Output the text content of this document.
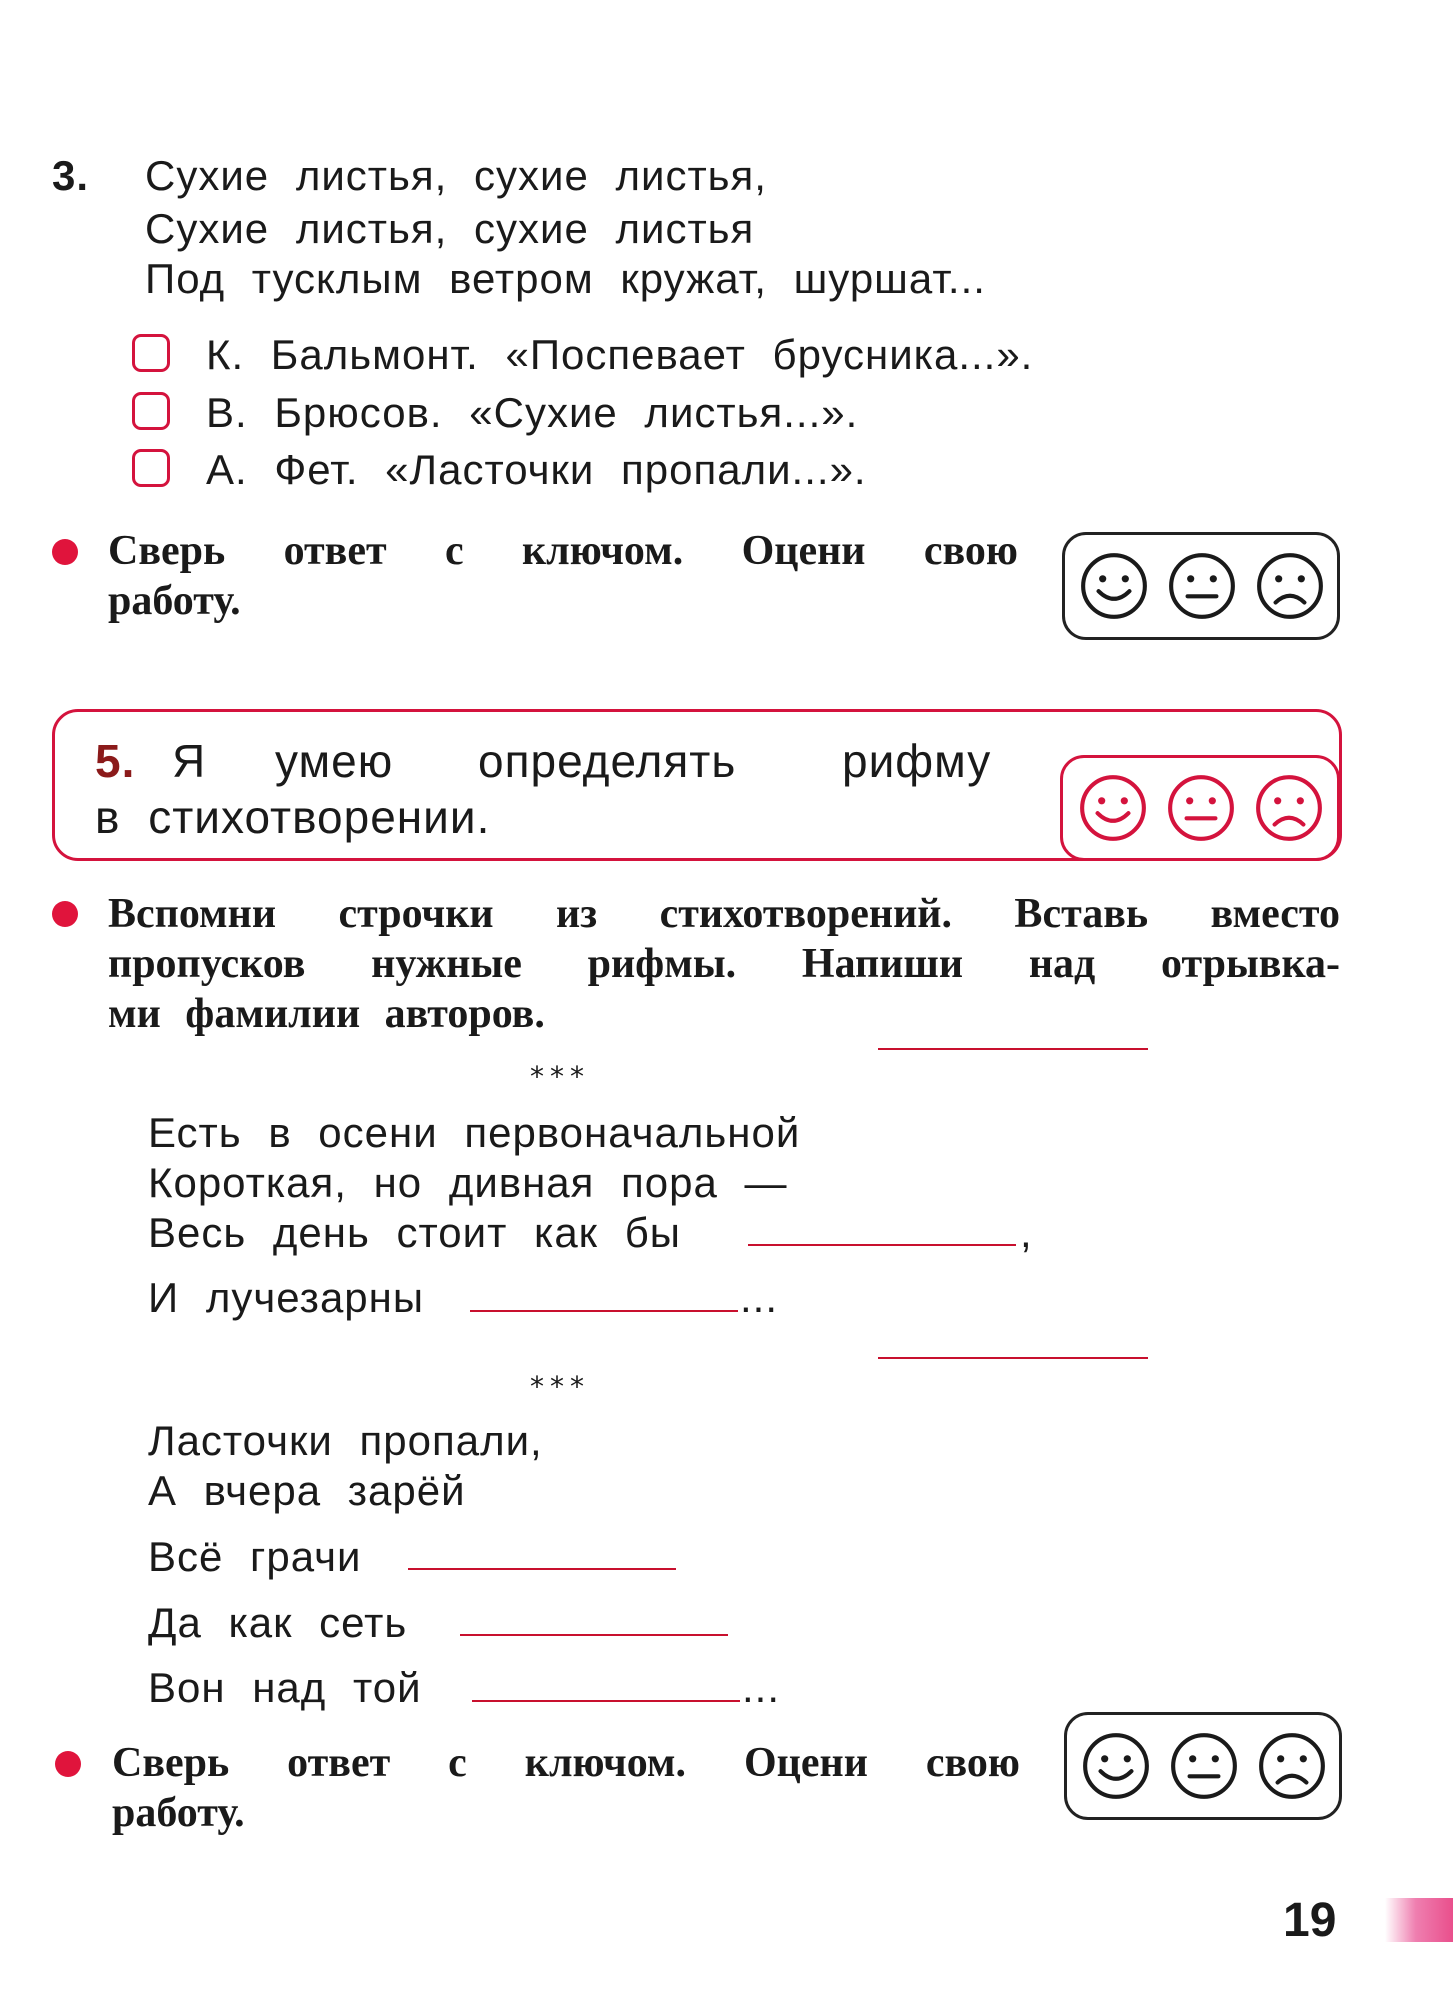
3. Сухие листья, сухие листья,
Сухие листья, сухие листья
Под тусклым ветром кружат, шуршат...
К. Бальмонт. «Поспевает брусника...».
В. Брюсов. «Сухие листья...».
А. Фет. «Ласточки пропали...».
Сверь ответ с ключом. Оцени свою
работу.
5. Я умею определять рифму
в стихотворении.
Вспомни строчки из стихотворений. Вставь вместо
пропусков нужные рифмы. Напиши над отрывка-
ми фамилии авторов.
***
Есть в осени первоначальной
Короткая, но дивная пора —
Весь день стоит как бы	,
И лучезарны	...
***
Ласточки пропали,
А вчера зарёй
Всё грачи
Да как сеть
Вон над той	...
Сверь ответ с ключом. Оцени свою
работу.
19
